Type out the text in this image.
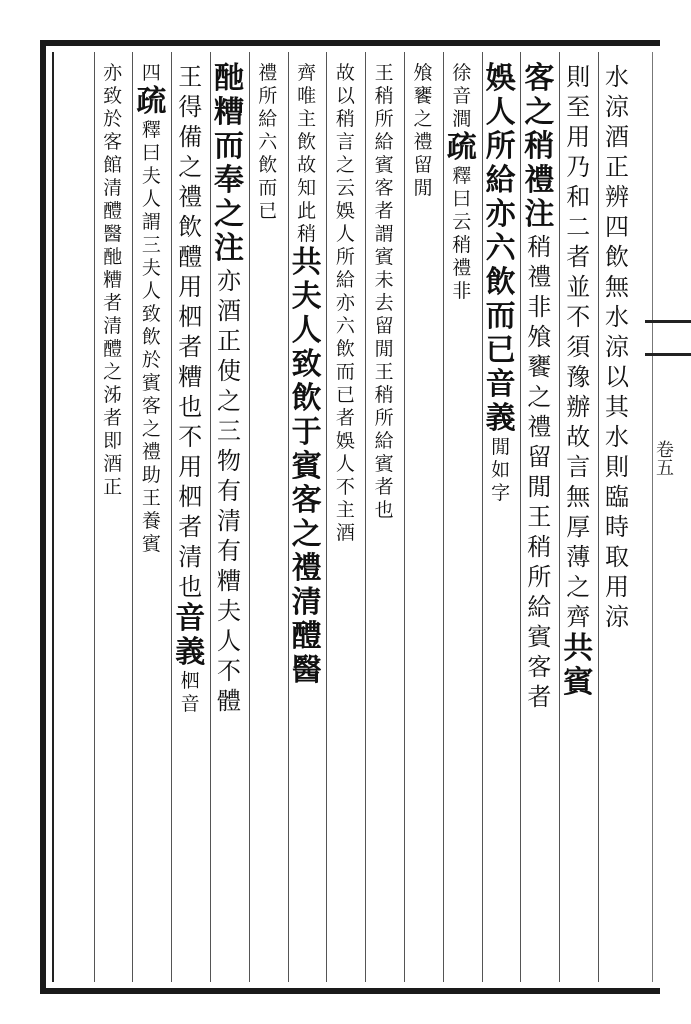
卷五
水
涼
酒
正
辨
四
飲
無
水
涼
以
其
水
則
臨
時
取
用
涼
則
至
用
乃
和
二
者
並
不
須
豫
辦
故
言
無
厚
薄
之
齊
共
賓
客
之
稍
禮
注
稍
禮
非
飧
饔
之
禮
留
閒
王
稍
所
給
賓
客
者
娛
人
所
給
亦
六
飲
而
已
音
義
閒
如
字
徐
音
澗
疏
釋
曰
云
稍
禮
非
飧
饔
之
禮
留
閒
王
稍
所
給
賓
客
者
謂
賓
未
去
留
閒
王
稍
所
給
賓
者
也
故
以
稍
言
之
云
娛
人
所
給
亦
六
飲
而
已
者
娛
人
不
主
酒
齊
唯
主
飲
故
知
此
稍
共
夫
人
致
飲
于
賓
客
之
禮
清
醴
醫
禮
所
給
六
飲
而
已
酏
糟
而
奉
之
注
亦
酒
正
使
之
三
物
有
清
有
糟
夫
人
不
體
王
得
備
之
禮
飲
醴
用
柶
者
糟
也
不
用
柶
者
清
也
音
義
柶
音
四
疏
釋
曰
夫
人
謂
三
夫
人
致
飲
於
賓
客
之
禮
助
王
養
賓
亦
致
於
客
館
清
醴
醫
酏
糟
者
清
醴
之
泲
者
即
酒
正
